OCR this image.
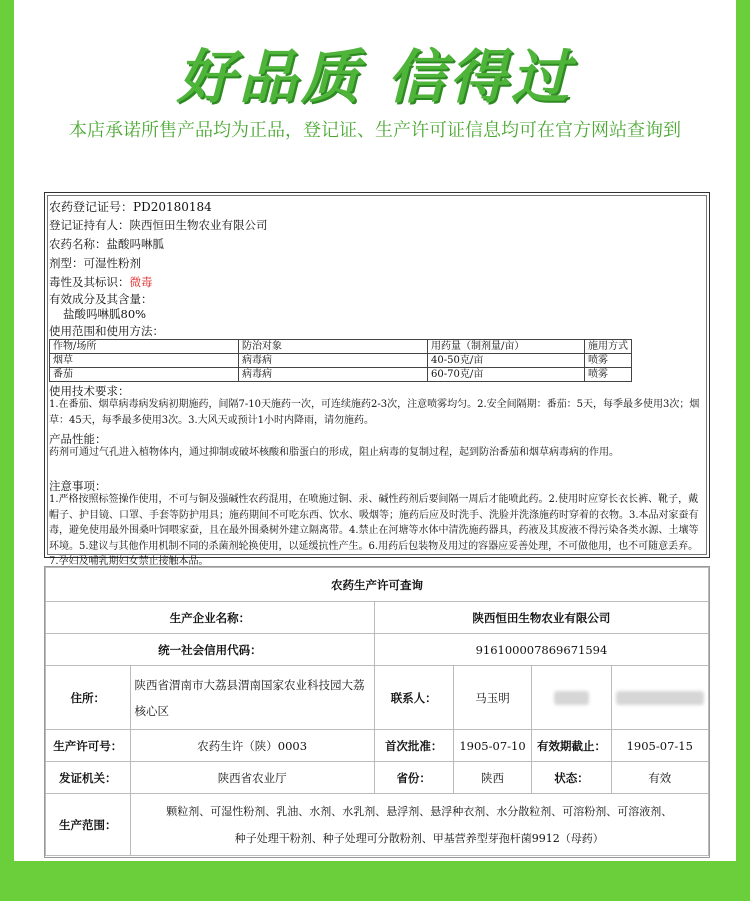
好品质 信得过
本店承诺所售产品均为正品，登记证、生产许可证信息均可在官方网站查询到
农药登记证号：PD20180184
登记证持有人：陕西恒田生物农业有限公司
农药名称：盐酸吗啉胍
剂型：可湿性粉剂
毒性及其标识：微毒
有效成分及其含量：
盐酸吗啉胍80%
使用范围和使用方法：
作物/场所	防治对象	用药量（制剂量/亩）	施用方式
烟草	病毒病	40-50克/亩	喷雾
番茄	病毒病	60-70克/亩	喷雾
使用技术要求：
1.在番茄、烟草病毒病发病初期施药，间隔7-10天施药一次，可连续施药2-3次，注意喷雾均匀。2.安全间隔期：番茄：5天，每季最多使用3次；烟草：45天，每季最多使用3次。3.大风天或预计1小时内降雨，请勿施药。
产品性能：
药剂可通过气孔进入植物体内，通过抑制或破坏核酸和脂蛋白的形成，阻止病毒的复制过程，起到防治番茄和烟草病毒病的作用。
注意事项：
1.严格按照标签操作使用，不可与铜及强碱性农药混用，在喷施过铜、汞、碱性药剂后要间隔一周后才能喷此药。2.使用时应穿长衣长裤、靴子，戴帽子、护目镜、口罩、手套等防护用具；施药期间不可吃东西、饮水、吸烟等；施药后应及时洗手、洗脸并洗涤施药时穿着的衣物。3.本品对家蚕有毒，避免使用最外围桑叶饲喂家蚕，且在最外围桑树外建立隔离带。4.禁止在河塘等水体中清洗施药器具，药液及其废液不得污染各类水源、土壤等环境。5.建议与其他作用机制不同的杀菌剂轮换使用，以延缓抗性产生。6.用药后包装物及用过的容器应妥善处理，不可做他用，也不可随意丢弃。7.孕妇及哺乳期妇女禁止接触本品。
农药生产许可查询					
生产企业名称：		陕西恒田生物农业有限公司			
统一社会信用代码：		916100007869671594			
住所：	陕西省渭南市大荔县渭南国家农业科技园大荔核心区	联系人：	马玉明		
生产许可号：	农药生许（陕）0003	首次批准：	1905-07-10	有效期截止：	1905-07-15
发证机关：	陕西省农业厅	省份：	陕西	状态：	有效
生产范围：	颗粒剂、可湿性粉剂、乳油、水剂、水乳剂、悬浮剂、悬浮种衣剂、水分散粒剂、可溶粉剂、可溶液剂、
种子处理干粉剂、种子处理可分散粉剂、甲基营养型芽孢杆菌9912（母药）				
